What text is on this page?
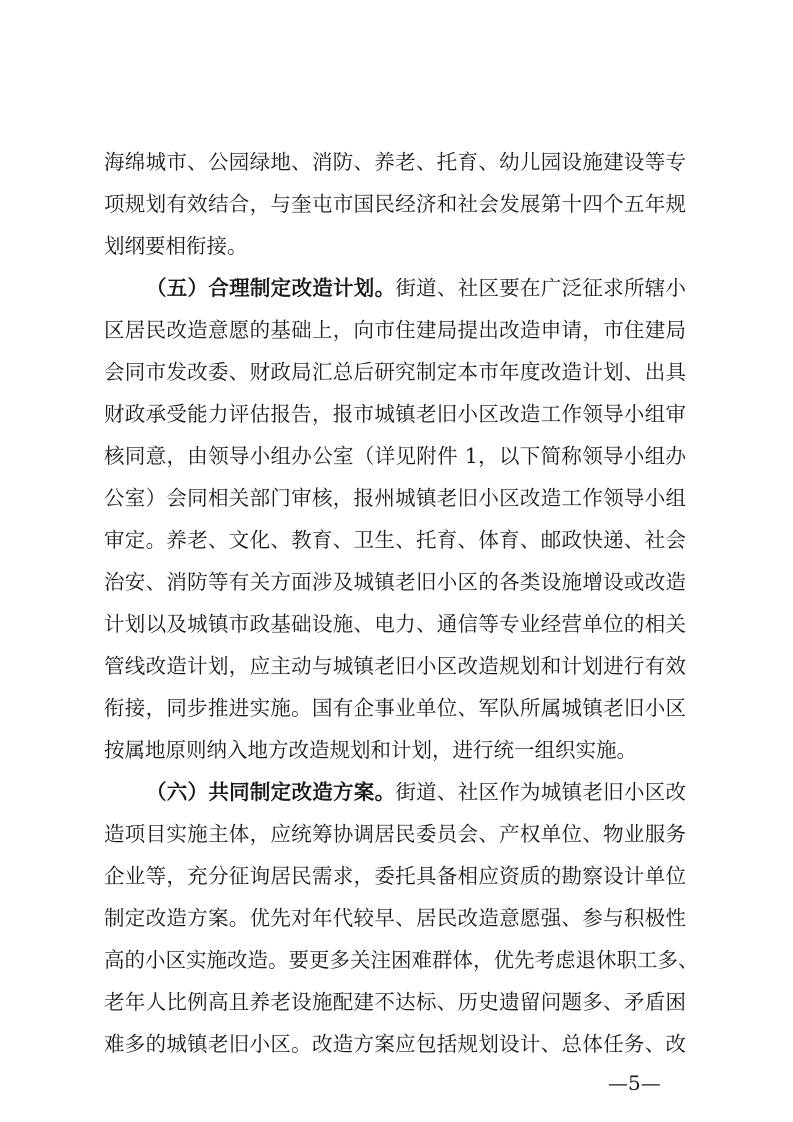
海绵城市、公园绿地、消防、养老、托育、幼儿园设施建设等专
项规划有效结合，与奎屯市国民经济和社会发展第十四个五年规
划纲要相衔接。
（五）合理制定改造计划。街道、社区要在广泛征求所辖小
区居民改造意愿的基础上，向市住建局提出改造申请，市住建局
会同市发改委、财政局汇总后研究制定本市年度改造计划、出具
财政承受能力评估报告，报市城镇老旧小区改造工作领导小组审
核同意，由领导小组办公室（详见附件 1，以下简称领导小组办
公室）会同相关部门审核，报州城镇老旧小区改造工作领导小组
审定。养老、文化、教育、卫生、托育、体育、邮政快递、社会
治安、消防等有关方面涉及城镇老旧小区的各类设施增设或改造
计划以及城镇市政基础设施、电力、通信等专业经营单位的相关
管线改造计划，应主动与城镇老旧小区改造规划和计划进行有效
衔接，同步推进实施。国有企事业单位、军队所属城镇老旧小区
按属地原则纳入地方改造规划和计划，进行统一组织实施。
（六）共同制定改造方案。街道、社区作为城镇老旧小区改
造项目实施主体，应统筹协调居民委员会、产权单位、物业服务
企业等，充分征询居民需求，委托具备相应资质的勘察设计单位
制定改造方案。优先对年代较早、居民改造意愿强、参与积极性
高的小区实施改造。要更多关注困难群体，优先考虑退休职工多、
老年人比例高且养老设施配建不达标、历史遗留问题多、矛盾困
难多的城镇老旧小区。改造方案应包括规划设计、总体任务、改
—5—
